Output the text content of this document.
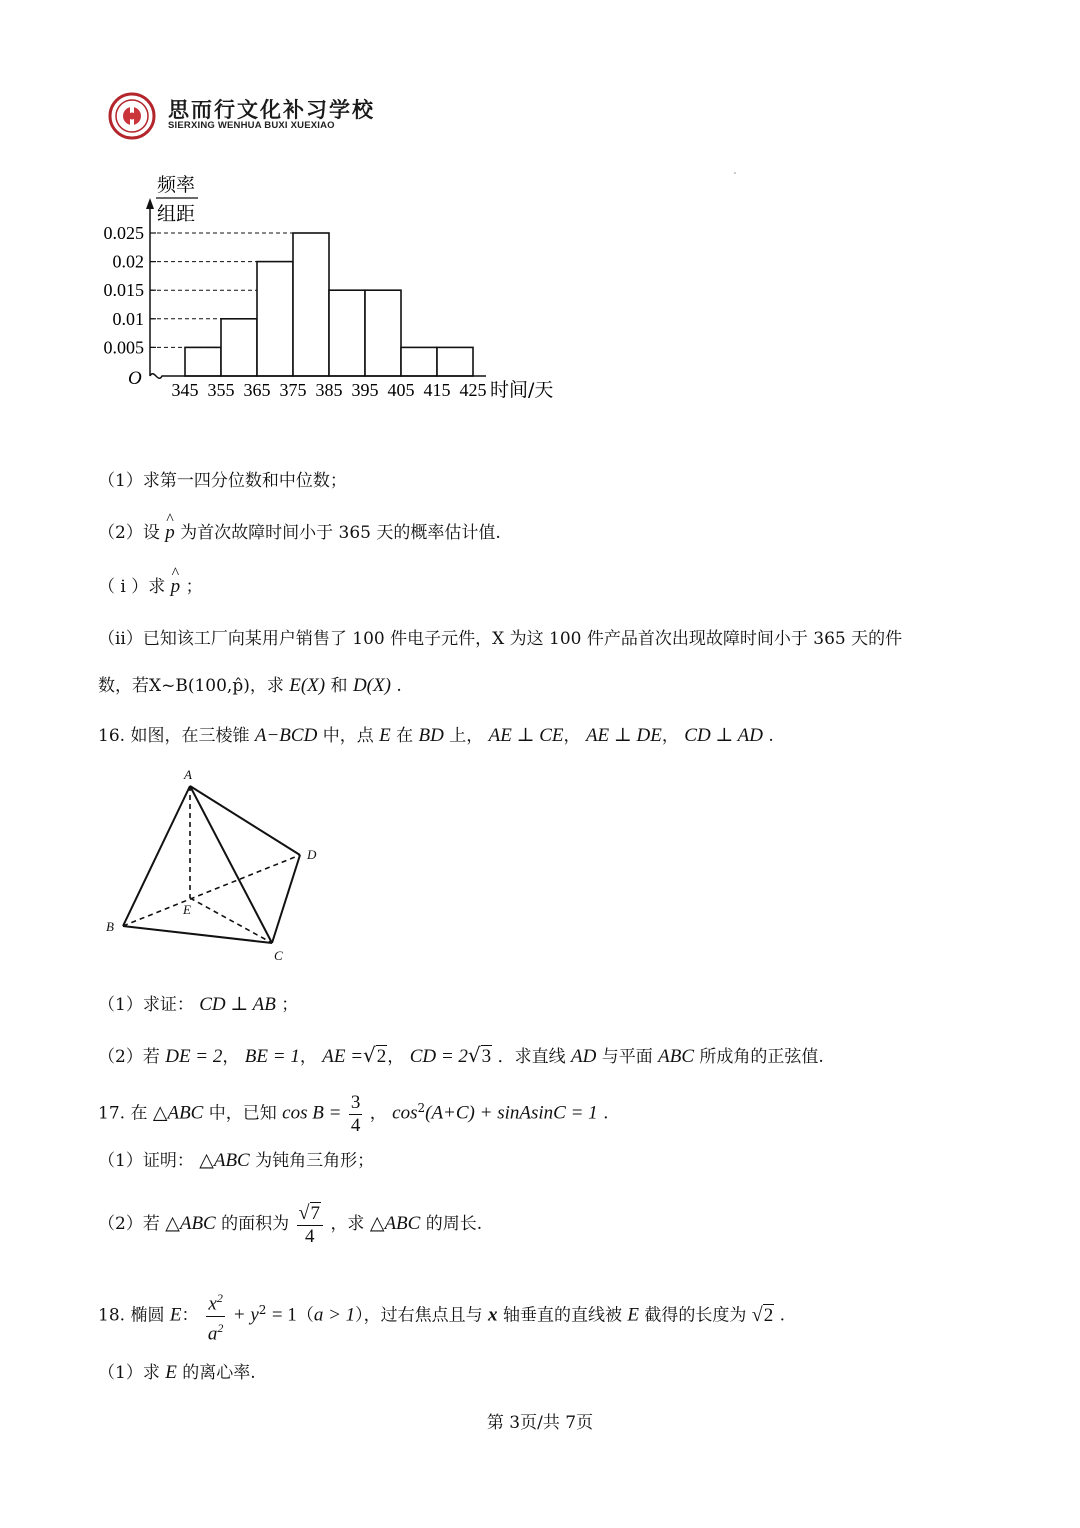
思而行文化补习学校
SIERXING WENHUA BUXI XUEXIAO
频率
组距
0.025
0.02
0.015
0.01
0.005
345 355 365 375 385 395 405 415 425
O
时间/天
（1）求第一四分位数和中位数；
（2）设 ^ p 为首次故障时间小于 365 天的概率估计值.
（ i ）求 ^ p ；
（ii）已知该工厂向某用户销售了 100 件电子元件，X 为这 100 件产品首次出现故障时间小于 365 天的件
数，若X~B(100,p̂)，求 E(X) 和 D(X) .
16. 如图，在三棱锥 A−BCD 中，点 E 在 BD 上， AE ⊥ CE， AE ⊥ DE， CD ⊥ AD .
A
B
C
D
E
（1）求证： CD ⊥ AB ；
（2）若 DE = 2， BE = 1， AE =√2， CD = 2√3 ．求直线 AD 与平面 ABC 所成角的正弦值.
17. 在 △ABC 中，已知 $\cos B = \frac{3}{4}$ ， $\cos^2(A+C)$ + sinAsinC = 1 .
（1）证明： △ABC 为钝角三角形；
（2）若 △ABC 的面积为 $\frac{√7}{4}$ ，求 △ABC 的周长.
18. 椭圆 E： $\frac{x^2}{a^2} + y^2 = 1(a > 1)$，过右焦点且与 x 轴垂直的直线被 E 截得的长度为 √2 .
（1）求 E 的离心率.
第 3页/共 7页
